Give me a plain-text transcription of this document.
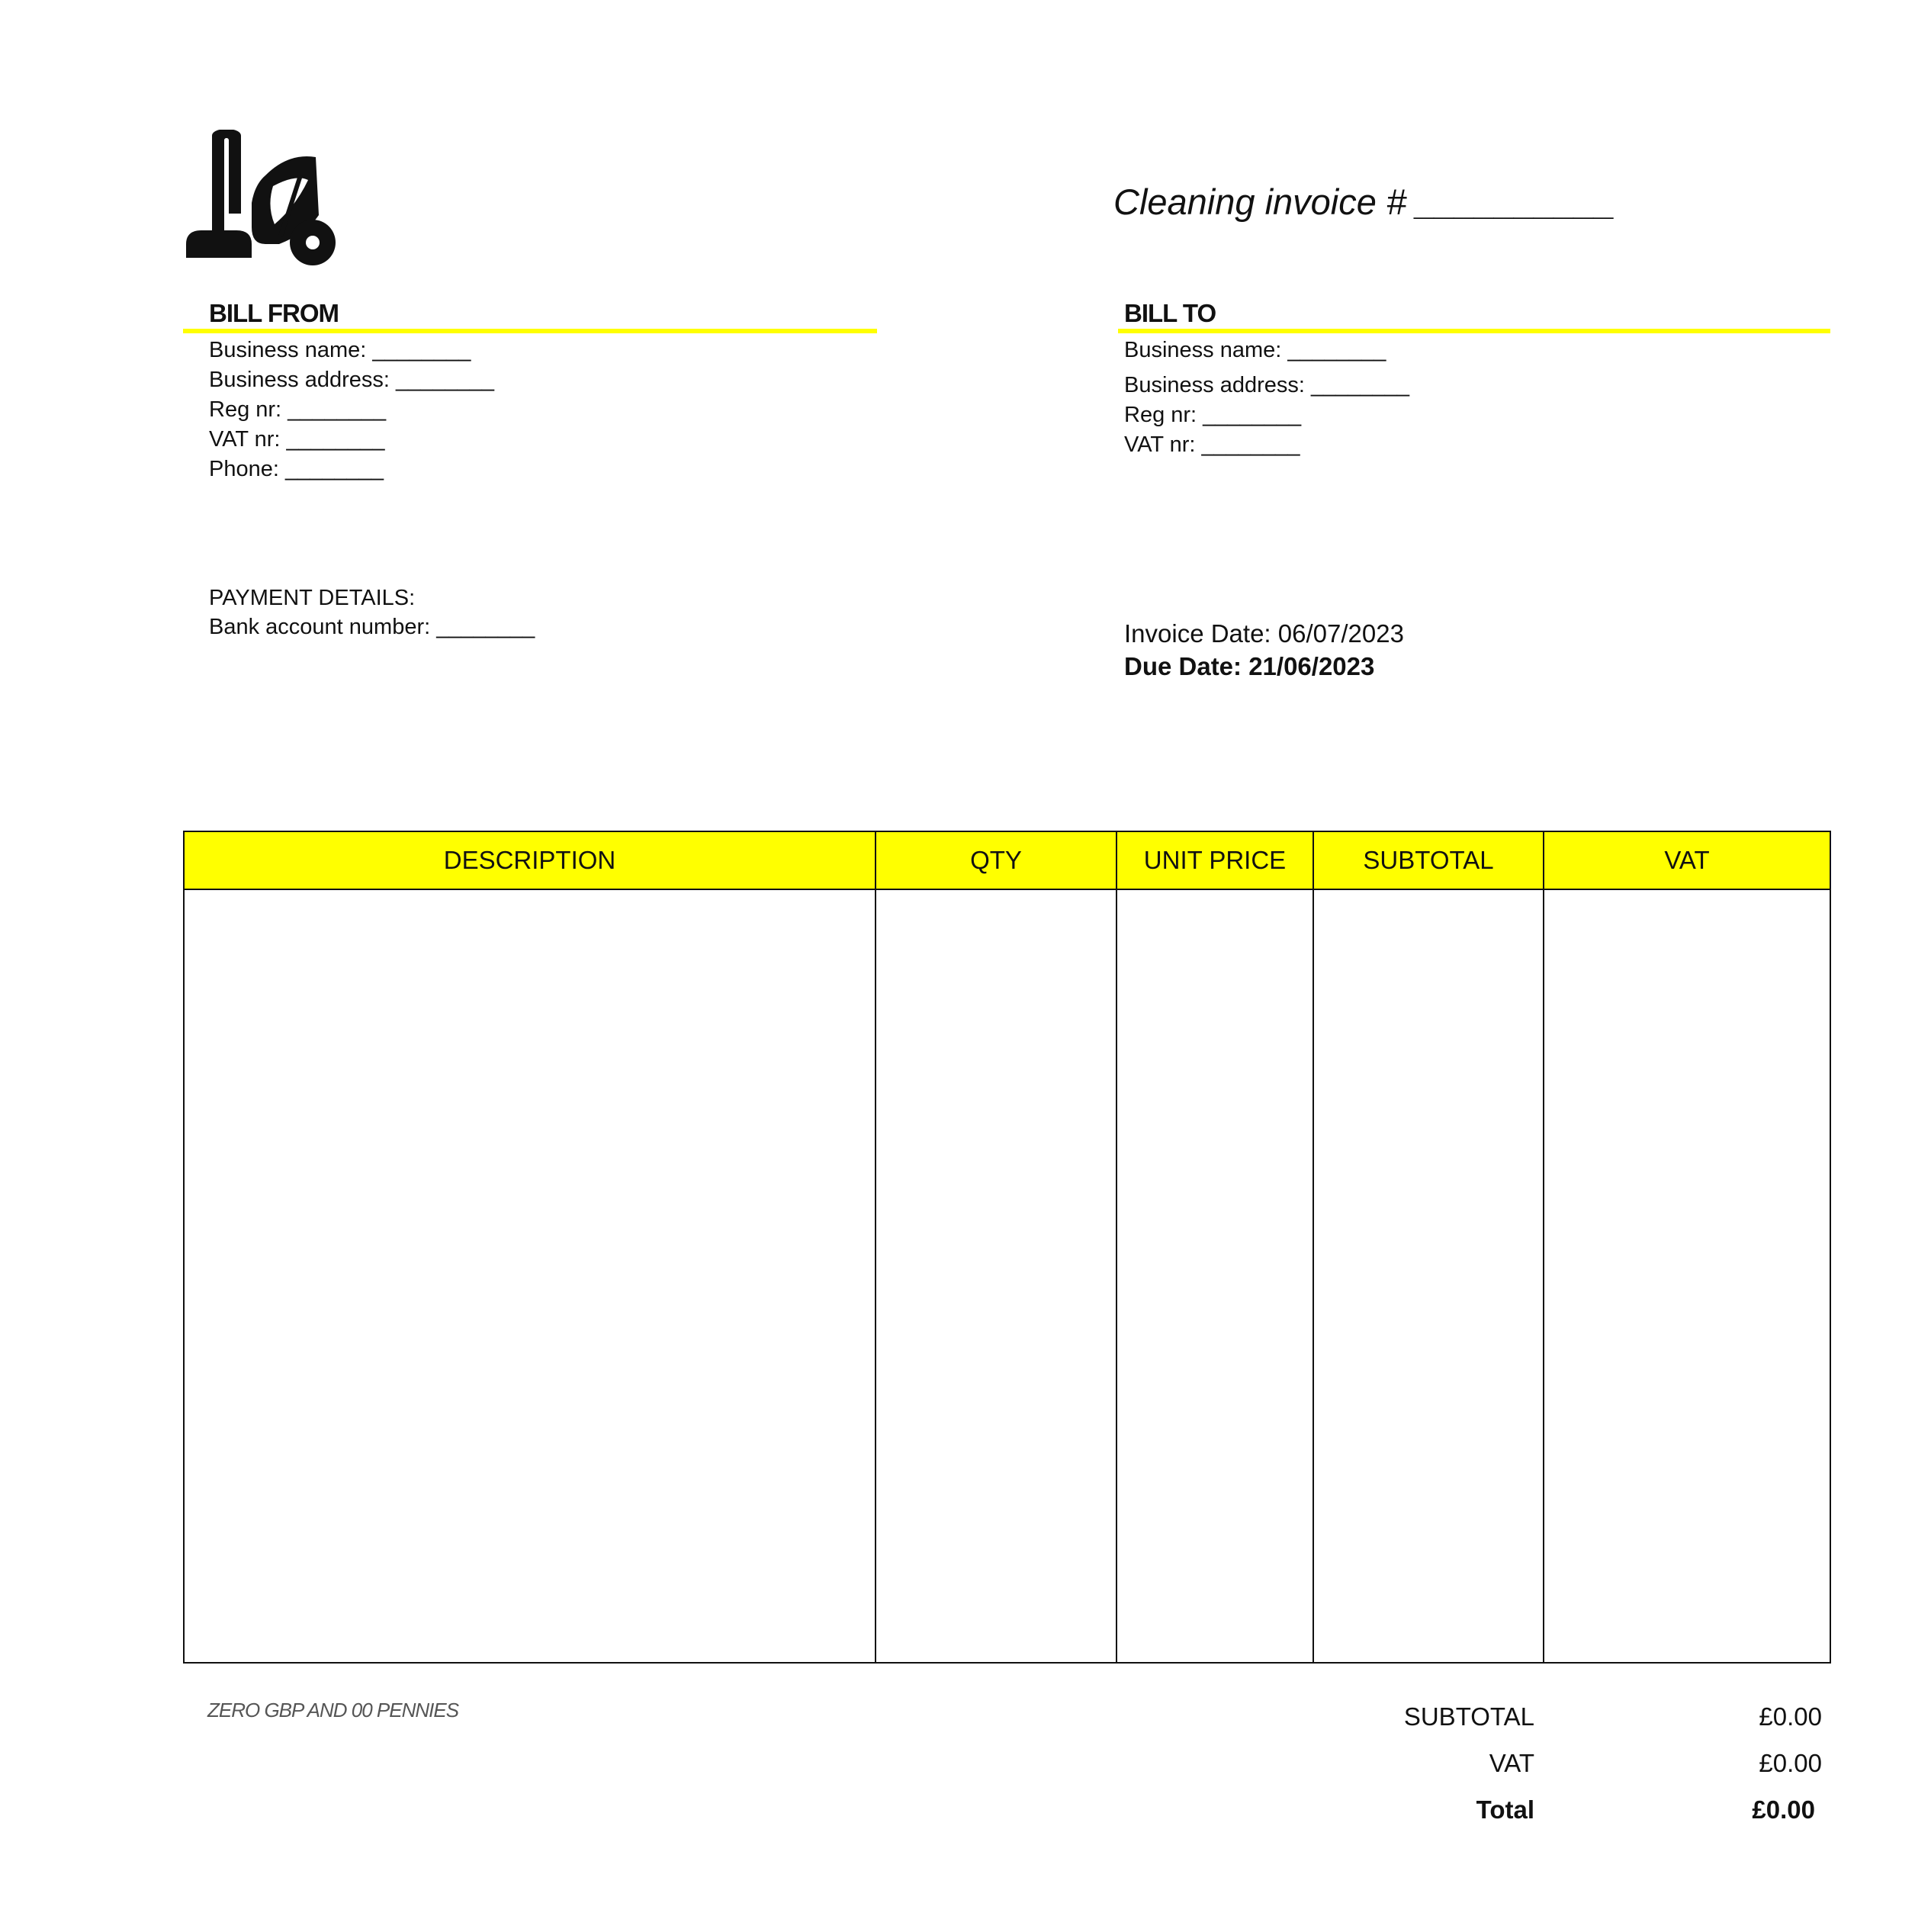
Cleaning invoice # __________
BILL FROM
Business name: ________
Business address: ________
Reg nr: ________
VAT nr: ________
Phone: ________
BILL TO
Business name: ________
Business address: ________
Reg nr: ________
VAT nr: ________
PAYMENT DETAILS:
Bank account number: ________	Invoice Date: 06/07/2023
Due Date: 21/06/2023
DESCRIPTION	QTY	UNIT PRICE	SUBTOTAL	VAT

ZERO GBP AND 00 PENNIES	SUBTOTAL	£0.00
VAT	£0.00
Total	£0.00
